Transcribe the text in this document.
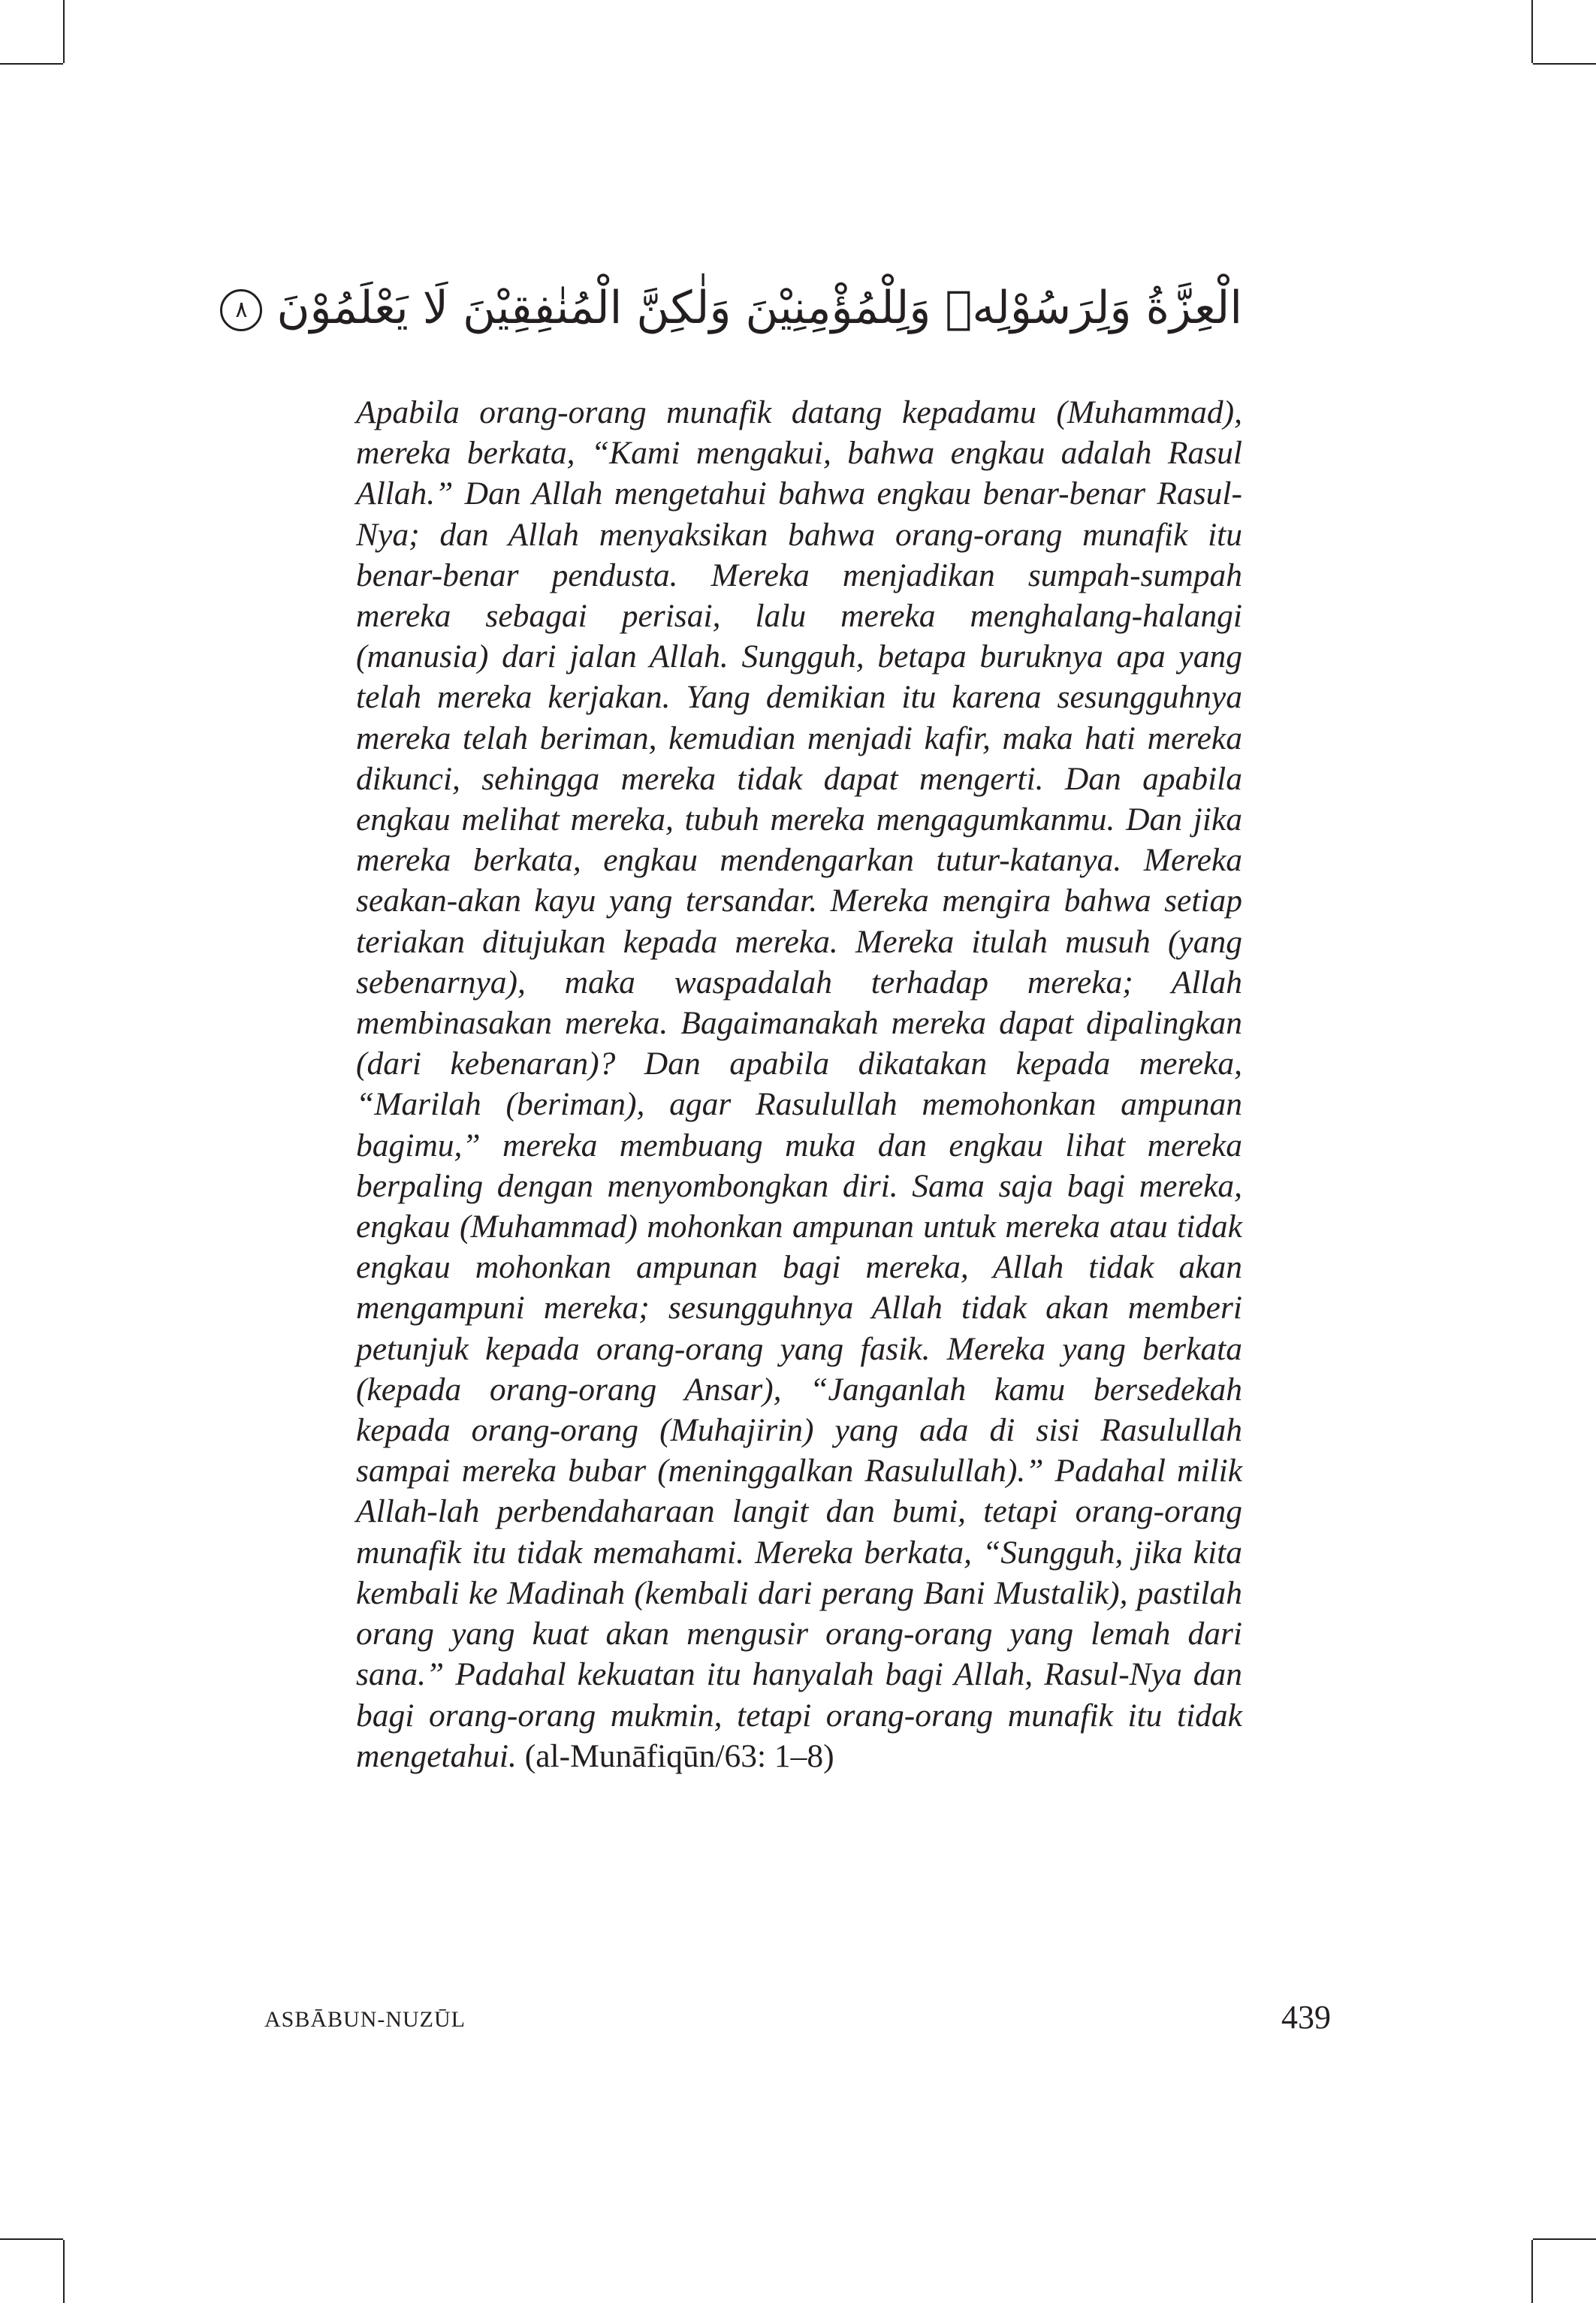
الْعِزَّةُ وَلِرَسُوْلِهٖ وَلِلْمُؤْمِنِيْنَ وَلٰكِنَّ الْمُنٰفِقِيْنَ لَا يَعْلَمُوْنَ ٨

Apabila orang-orang munafik datang kepadamu (Muhammad), mereka berkata, “Kami mengakui, bahwa engkau adalah Rasul Allah.” Dan Allah mengetahui bahwa engkau benar-benar Rasul-Nya; dan Allah menyaksikan bahwa orang-orang munafik itu benar-benar pendusta. Mereka menjadikan sumpah-sumpah mereka sebagai perisai, lalu mereka menghalang-halangi (manusia) dari jalan Allah. Sungguh, betapa buruknya apa yang telah mereka kerjakan. Yang demikian itu karena sesungguhnya mereka telah beriman, kemudian menjadi kafir, maka hati mereka dikunci, sehingga mereka tidak dapat mengerti. Dan apabila engkau melihat mereka, tubuh mereka mengagumkanmu. Dan jika mereka berkata, engkau mendengarkan tutur-katanya. Mereka seakan-akan kayu yang tersandar. Mereka mengira bahwa setiap teriakan ditujukan kepada mereka. Mereka itulah musuh (yang sebenarnya), maka waspadalah terhadap mereka; Allah membinasakan mereka. Bagaimanakah mereka dapat dipalingkan (dari kebenaran)? Dan apabila dikatakan kepada mereka, “Marilah (beriman), agar Rasulullah memohonkan ampunan bagimu,” mereka membuang muka dan engkau lihat mereka berpaling dengan menyombongkan diri. Sama saja bagi mereka, engkau (Muhammad) mohonkan ampunan untuk mereka atau tidak engkau mohonkan ampunan bagi mereka, Allah tidak akan mengampuni mereka; sesungguhnya Allah tidak akan memberi petunjuk kepada orang-orang yang fasik. Mereka yang berkata (kepada orang-orang Ansar), “Janganlah kamu bersedekah kepada orang-orang (Muhajirin) yang ada di sisi Rasulullah sampai mereka bubar (meninggalkan Rasulullah).” Padahal milik Allah-lah perbendaharaan langit dan bumi, tetapi orang-orang munafik itu tidak memahami. Mereka berkata, “Sungguh, jika kita kembali ke Madinah (kembali dari perang Bani Mustalik), pastilah orang yang kuat akan mengusir orang-orang yang lemah dari sana.” Padahal kekuatan itu hanyalah bagi Allah, Rasul-Nya dan bagi orang-orang mukmin, tetapi orang-orang munafik itu tidak mengetahui. (al-Munāfiqūn/63: 1–8)

ASBĀBUN-NUZŪL	439
